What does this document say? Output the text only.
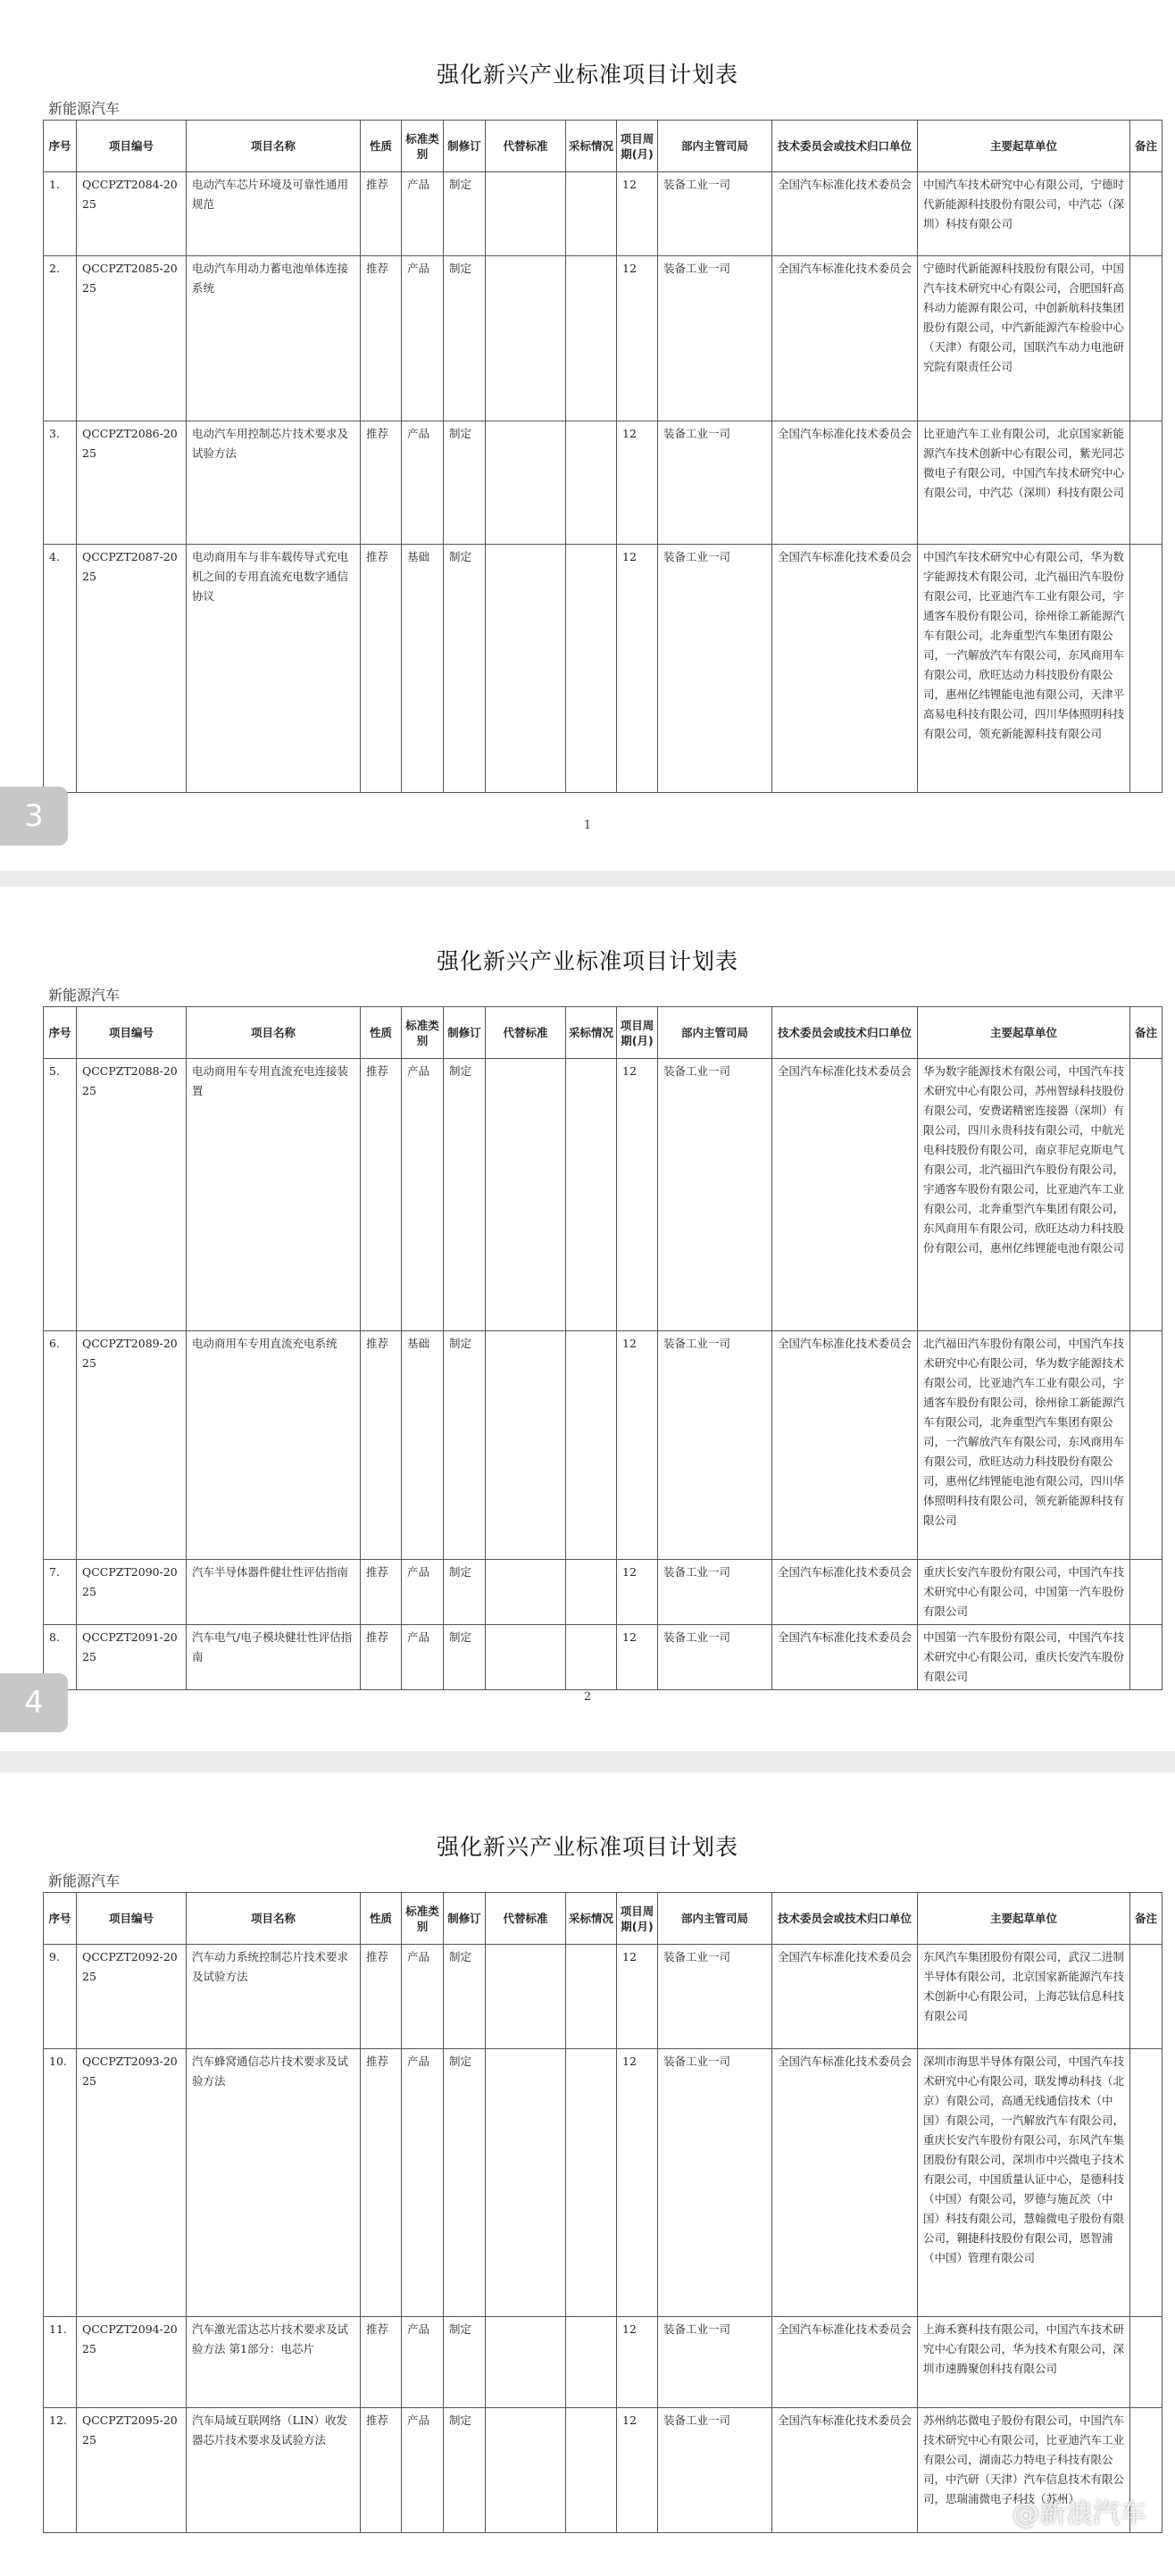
强化新兴产业标准项目计划表
新能源汽车
序号	项目编号	项目名称	性质	标准类别	制修订	代替标准	采标情况	项目周期(月)	部内主管司局	技术委员会或技术归口单位	主要起草单位	备注
1.	QCCPZT2084-2025	电动汽车芯片环境及可靠性通用规范	推荐	产品	制定			12	装备工业一司	全国汽车标准化技术委员会	中国汽车技术研究中心有限公司，宁德时代新能源科技股份有限公司，中汽芯（深圳）科技有限公司	
2.	QCCPZT2085-2025	电动汽车用动力蓄电池单体连接系统	推荐	产品	制定			12	装备工业一司	全国汽车标准化技术委员会	宁德时代新能源科技股份有限公司，中国汽车技术研究中心有限公司，合肥国轩高科动力能源有限公司，中创新航科技集团股份有限公司，中汽新能源汽车检验中心（天津）有限公司，国联汽车动力电池研究院有限责任公司	
3.	QCCPZT2086-2025	电动汽车用控制芯片技术要求及试验方法	推荐	产品	制定			12	装备工业一司	全国汽车标准化技术委员会	比亚迪汽车工业有限公司，北京国家新能源汽车技术创新中心有限公司，紫光同芯微电子有限公司，中国汽车技术研究中心有限公司，中汽芯（深圳）科技有限公司	
4.	QCCPZT2087-2025	电动商用车与非车载传导式充电机之间的专用直流充电数字通信协议	推荐	基础	制定			12	装备工业一司	全国汽车标准化技术委员会	中国汽车技术研究中心有限公司，华为数字能源技术有限公司，北汽福田汽车股份有限公司，比亚迪汽车工业有限公司，宇通客车股份有限公司，徐州徐工新能源汽车有限公司，北奔重型汽车集团有限公司，一汽解放汽车有限公司，东风商用车有限公司，欣旺达动力科技股份有限公司，惠州亿纬锂能电池有限公司，天津平高易电科技有限公司，四川华体照明科技有限公司，领充新能源科技有限公司	
1
3
强化新兴产业标准项目计划表
新能源汽车
序号	项目编号	项目名称	性质	标准类别	制修订	代替标准	采标情况	项目周期(月)	部内主管司局	技术委员会或技术归口单位	主要起草单位	备注
5.	QCCPZT2088-2025	电动商用车专用直流充电连接装置	推荐	产品	制定			12	装备工业一司	全国汽车标准化技术委员会	华为数字能源技术有限公司，中国汽车技术研究中心有限公司，苏州智绿科技股份有限公司，安费诺精密连接器（深圳）有限公司，四川永贵科技有限公司，中航光电科技股份有限公司，南京菲尼克斯电气有限公司，北汽福田汽车股份有限公司，宇通客车股份有限公司，比亚迪汽车工业有限公司，北奔重型汽车集团有限公司，东风商用车有限公司，欣旺达动力科技股份有限公司，惠州亿纬锂能电池有限公司	
6.	QCCPZT2089-2025	电动商用车专用直流充电系统	推荐	基础	制定			12	装备工业一司	全国汽车标准化技术委员会	北汽福田汽车股份有限公司，中国汽车技术研究中心有限公司，华为数字能源技术有限公司，比亚迪汽车工业有限公司，宇通客车股份有限公司，徐州徐工新能源汽车有限公司，北奔重型汽车集团有限公司，一汽解放汽车有限公司，东风商用车有限公司，欣旺达动力科技股份有限公司，惠州亿纬锂能电池有限公司，四川华体照明科技有限公司，领充新能源科技有限公司	
7.	QCCPZT2090-2025	汽车半导体器件健壮性评估指南	推荐	产品	制定			12	装备工业一司	全国汽车标准化技术委员会	重庆长安汽车股份有限公司，中国汽车技术研究中心有限公司，中国第一汽车股份有限公司	
8.	QCCPZT2091-2025	汽车电气/电子模块健壮性评估指南	推荐	产品	制定			12	装备工业一司	全国汽车标准化技术委员会	中国第一汽车股份有限公司，中国汽车技术研究中心有限公司，重庆长安汽车股份有限公司	
2
4
强化新兴产业标准项目计划表
新能源汽车
序号	项目编号	项目名称	性质	标准类别	制修订	代替标准	采标情况	项目周期(月)	部内主管司局	技术委员会或技术归口单位	主要起草单位	备注
9.	QCCPZT2092-2025	汽车动力系统控制芯片技术要求及试验方法	推荐	产品	制定			12	装备工业一司	全国汽车标准化技术委员会	东风汽车集团股份有限公司，武汉二进制半导体有限公司，北京国家新能源汽车技术创新中心有限公司，上海芯钛信息科技有限公司	
10.	QCCPZT2093-2025	汽车蜂窝通信芯片技术要求及试验方法	推荐	产品	制定			12	装备工业一司	全国汽车标准化技术委员会	深圳市海思半导体有限公司，中国汽车技术研究中心有限公司，联发博动科技（北京）有限公司，高通无线通信技术（中国）有限公司，一汽解放汽车有限公司，重庆长安汽车股份有限公司，东风汽车集团股份有限公司，深圳市中兴微电子技术有限公司，中国质量认证中心，是德科技（中国）有限公司，罗德与施瓦茨（中国）科技有限公司，慧翰微电子股份有限公司，翱捷科技股份有限公司，恩智浦（中国）管理有限公司	
11.	QCCPZT2094-2025	汽车激光雷达芯片技术要求及试验方法 第1部分：电芯片	推荐	产品	制定			12	装备工业一司	全国汽车标准化技术委员会	上海禾赛科技有限公司，中国汽车技术研究中心有限公司，华为技术有限公司，深圳市速腾聚创科技有限公司	
12.	QCCPZT2095-2025	汽车局域互联网络（LIN）收发器芯片技术要求及试验方法	推荐	产品	制定			12	装备工业一司	全国汽车标准化技术委员会	苏州纳芯微电子股份有限公司，中国汽车技术研究中心有限公司，比亚迪汽车工业有限公司，湖南芯力特电子科技有限公司，中汽研（天津）汽车信息技术有限公司，思瑞浦微电子科技（苏州）	
@新浪汽车
